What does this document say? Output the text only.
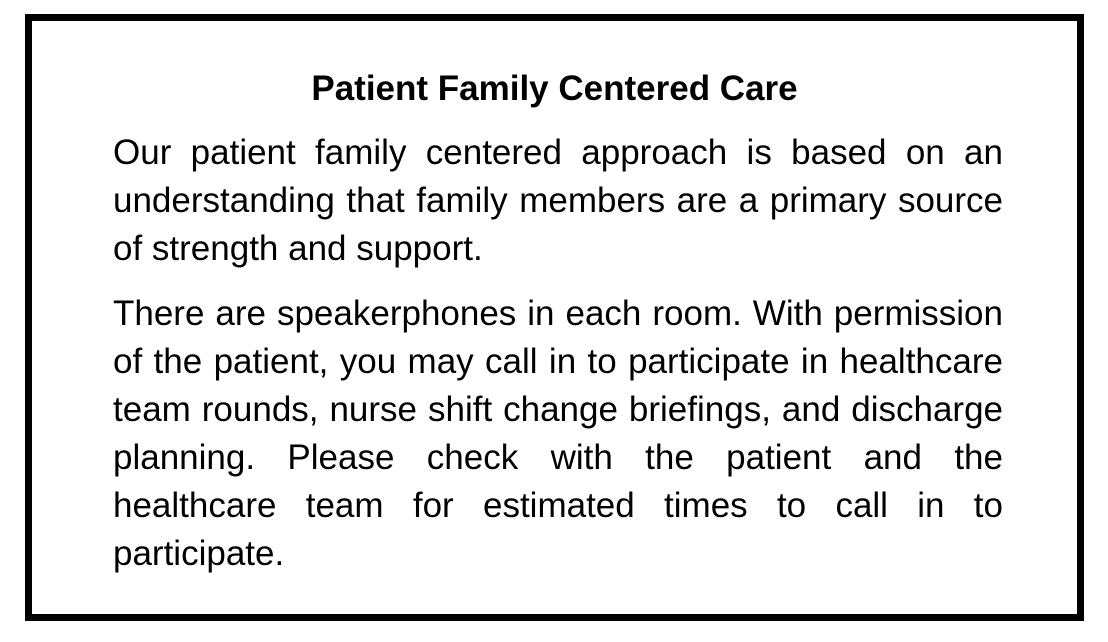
Patient Family Centered Care

Our patient family centered approach is based on an understanding that family members are a primary source of strength and support.

There are speakerphones in each room. With permission of the patient, you may call in to participate in healthcare team rounds, nurse shift change briefings, and discharge planning. Please check with the patient and the healthcare team for estimated times to call in to participate.
